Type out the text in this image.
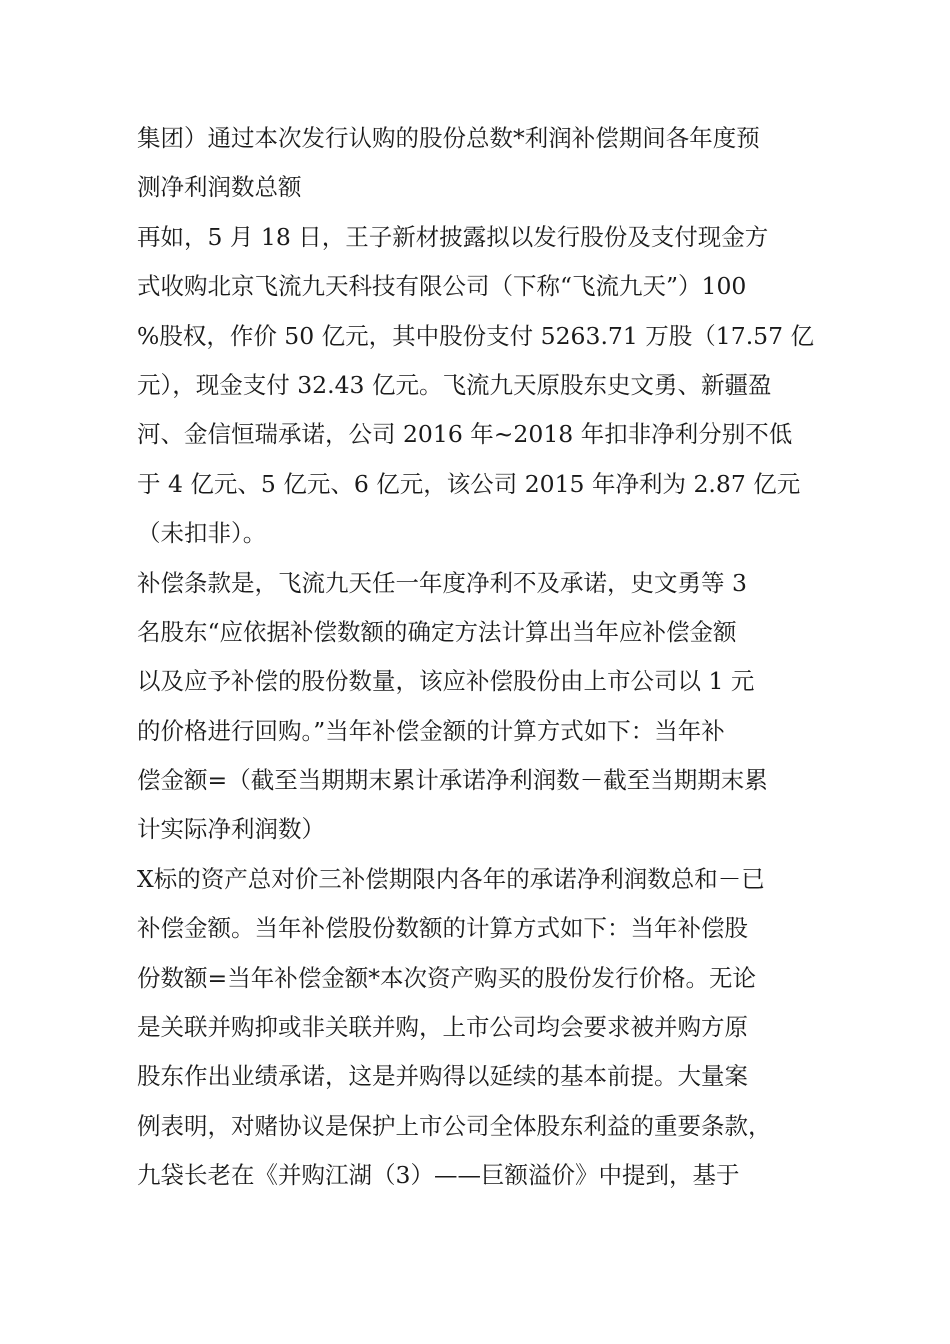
集团）通过本次发行认购的股份总数*利润补偿期间各年度预
测净利润数总额
再如，5 月 18 日，王子新材披露拟以发行股份及支付现金方
式收购北京飞流九天科技有限公司（下称“飞流九天”）100
%股权，作价 50 亿元，其中股份支付 5263.71 万股（17.57 亿
元），现金支付 32.43 亿元。飞流九天原股东史文勇、新疆盈
河、金信恒瑞承诺，公司 2016 年~2018 年扣非净利分别不低
于 4 亿元、5 亿元、6 亿元，该公司 2015 年净利为 2.87 亿元
（未扣非）。
补偿条款是，飞流九天任一年度净利不及承诺，史文勇等 3
名股东“应依据补偿数额的确定方法计算出当年应补偿金额
以及应予补偿的股份数量，该应补偿股份由上市公司以 1 元
的价格进行回购。”当年补偿金额的计算方式如下：当年补
偿金额=（截至当期期末累计承诺净利润数－截至当期期末累
计实际净利润数）
Χ标的资产总对价三补偿期限内各年的承诺净利润数总和－已
补偿金额。当年补偿股份数额的计算方式如下：当年补偿股
份数额=当年补偿金额*本次资产购买的股份发行价格。无论
是关联并购抑或非关联并购，上市公司均会要求被并购方原
股东作出业绩承诺，这是并购得以延续的基本前提。大量案
例表明，对赌协议是保护上市公司全体股东利益的重要条款，
九袋长老在《并购江湖（3）——巨额溢价》中提到，基于
